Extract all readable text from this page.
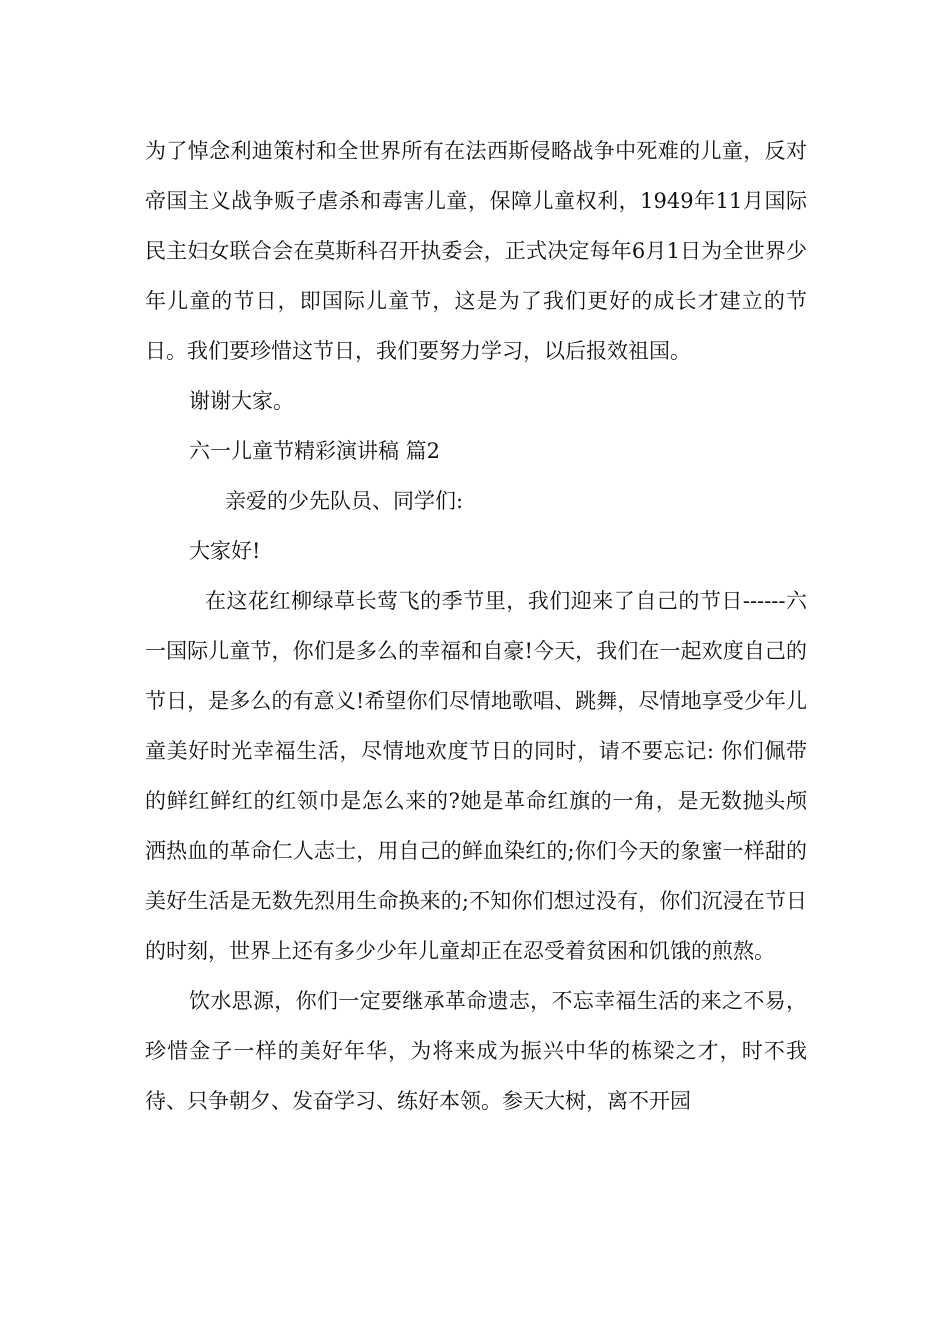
为了悼念利迪策村和全世界所有在法西斯侵略战争中死难的儿童，反对帝国主义战争贩子虐杀和毒害儿童，保障儿童权利，1949年11月国际民主妇女联合会在莫斯科召开执委会，正式决定每年6月1日为全世界少年儿童的节日，即国际儿童节，这是为了我们更好的成长才建立的节日。我们要珍惜这节日，我们要努力学习，以后报效祖国。

谢谢大家。

六一儿童节精彩演讲稿 篇2

亲爱的少先队员、同学们:

大家好!

在这花红柳绿草长莺飞的季节里，我们迎来了自己的节日------六一国际儿童节，你们是多么的幸福和自豪!今天，我们在一起欢度自己的节日，是多么的有意义!希望你们尽情地歌唱、跳舞，尽情地享受少年儿童美好时光幸福生活，尽情地欢度节日的同时，请不要忘记: 你们佩带的鲜红鲜红的红领巾是怎么来的?她是革命红旗的一角，是无数抛头颅洒热血的革命仁人志士，用自己的鲜血染红的;你们今天的象蜜一样甜的美好生活是无数先烈用生命换来的;不知你们想过没有，你们沉浸在节日的时刻，世界上还有多少少年儿童却正在忍受着贫困和饥饿的煎熬。

饮水思源，你们一定要继承革命遗志，不忘幸福生活的来之不易，珍惜金子一样的美好年华，为将来成为振兴中华的栋梁之才，时不我待、只争朝夕、发奋学习、练好本领。参天大树，离不开园
